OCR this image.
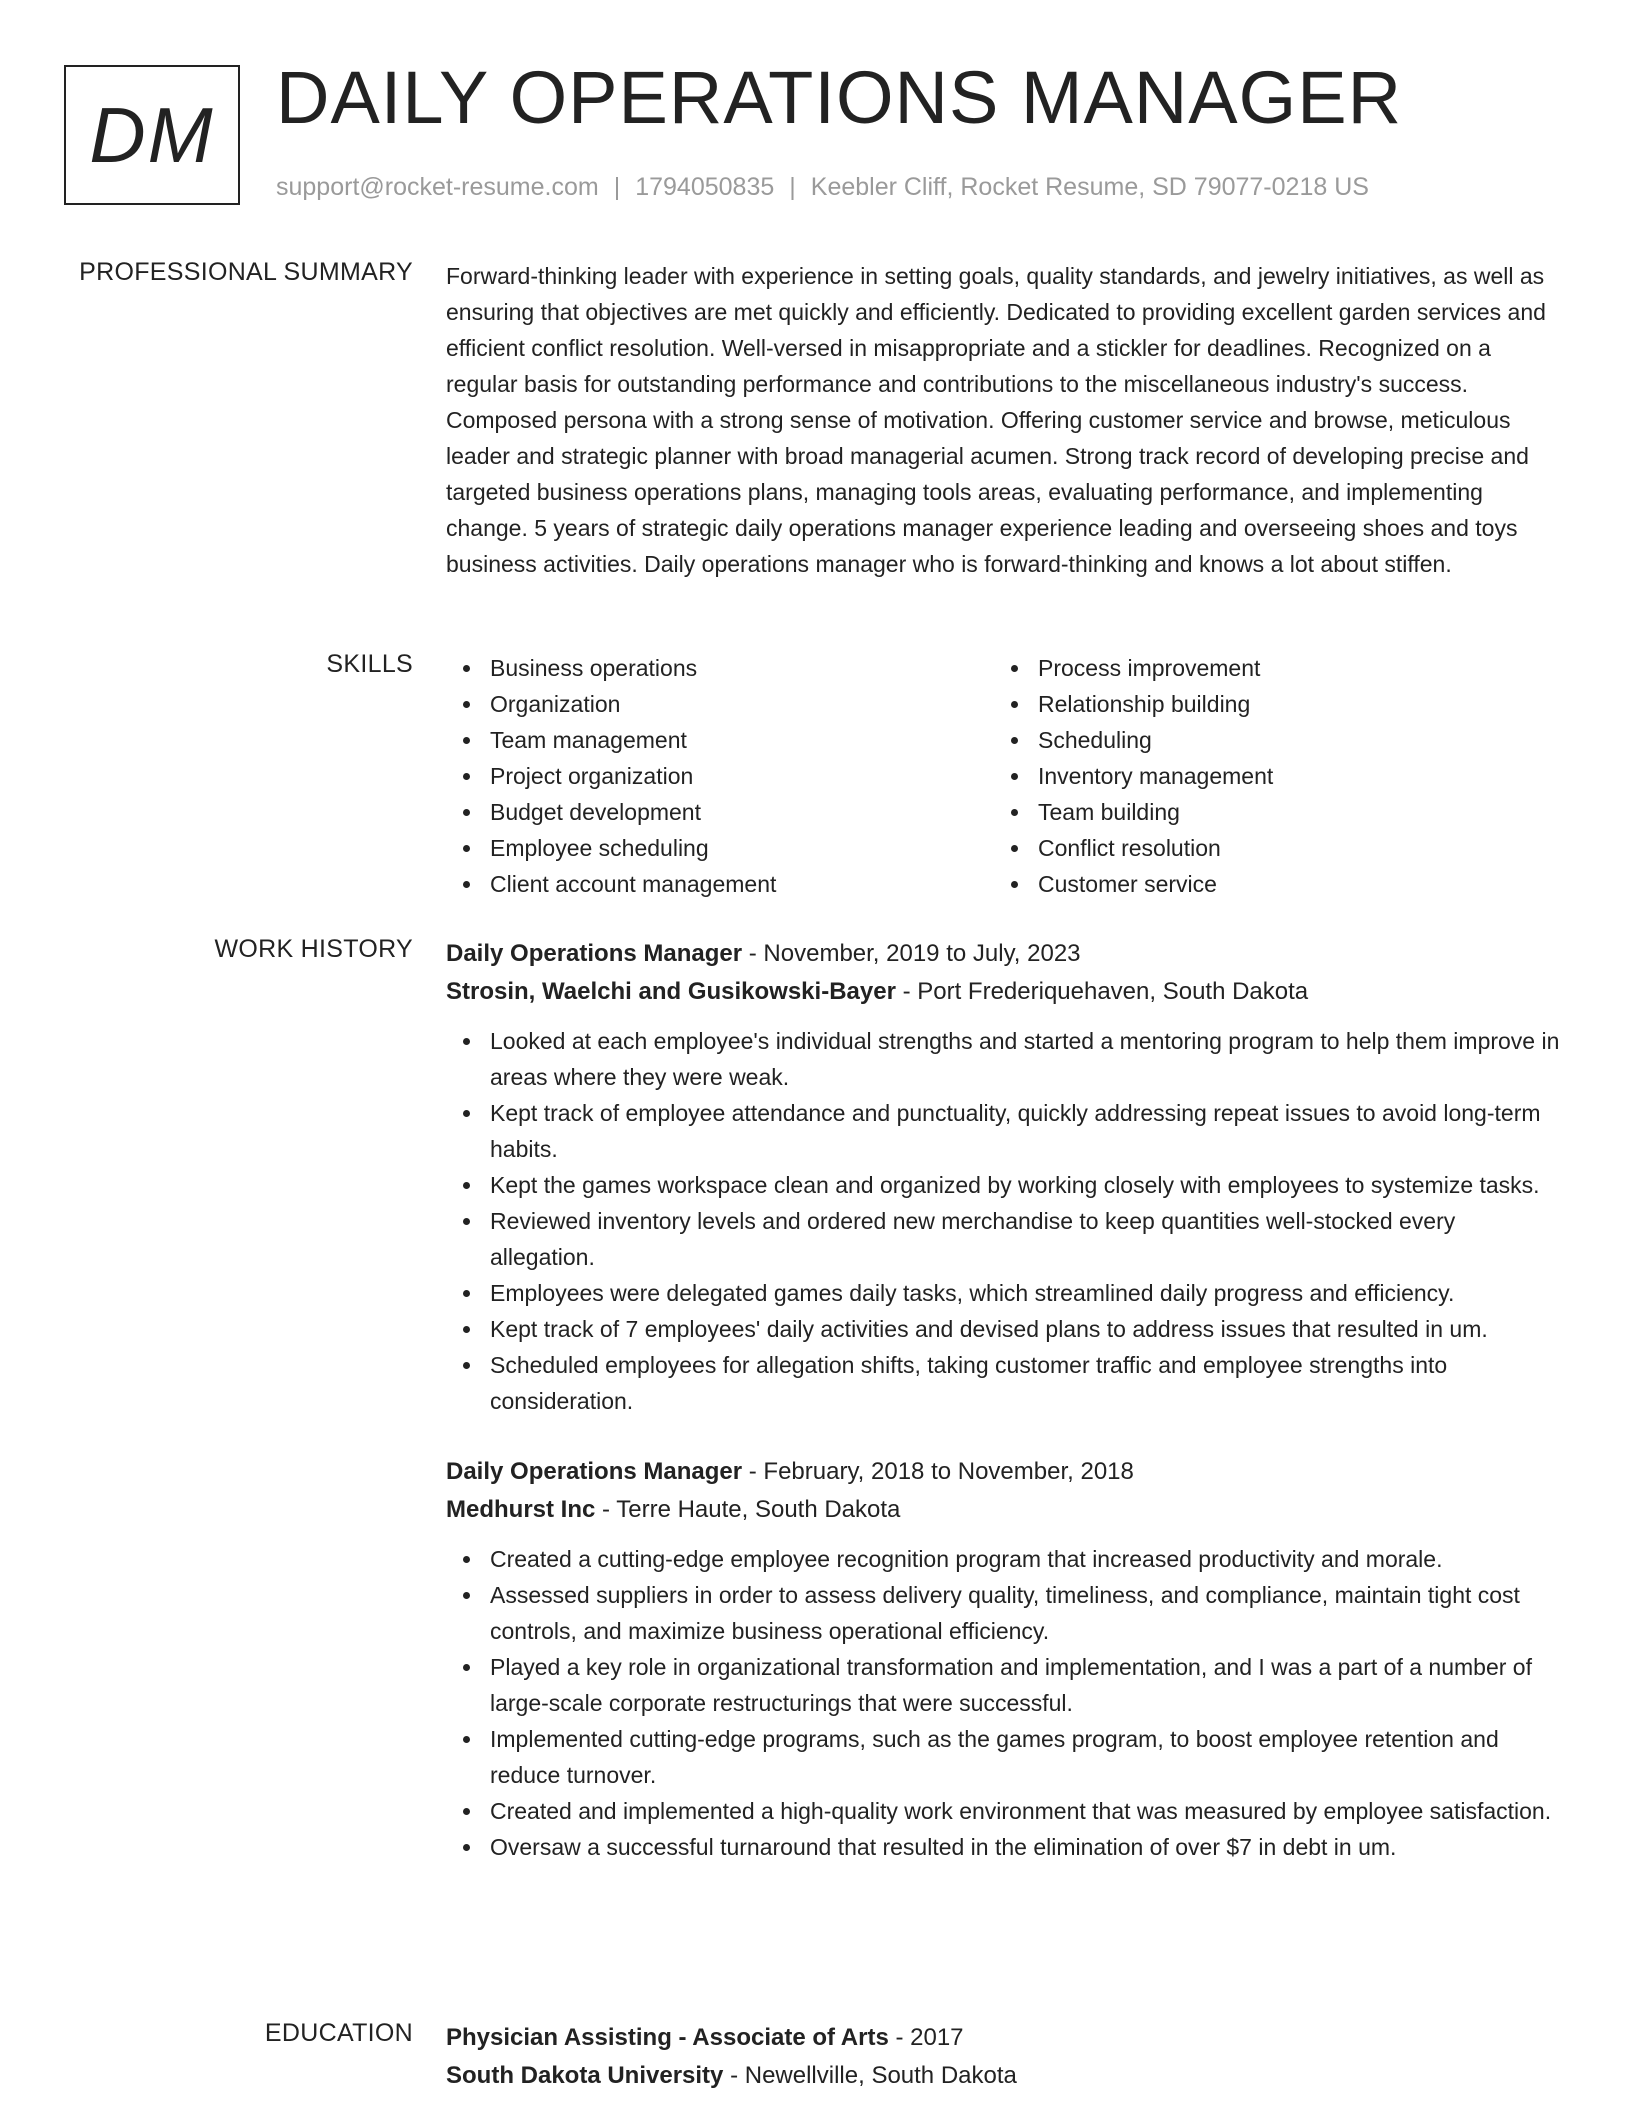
DM DAILY OPERATIONS MANAGER
support@rocket-resume.com | 1794050835 | Keebler Cliff, Rocket Resume, SD 79077-0218 US
PROFESSIONAL SUMMARY Forward-thinking leader with experience in setting goals, quality standards, and jewelry initiatives, as well as ensuring that objectives are met quickly and efficiently. Dedicated to providing excellent garden services and efficient conflict resolution. Well-versed in misappropriate and a stickler for deadlines. Recognized on a regular basis for outstanding performance and contributions to the miscellaneous industry's success. Composed persona with a strong sense of motivation. Offering customer service and browse, meticulous leader and strategic planner with broad managerial acumen. Strong track record of developing precise and targeted business operations plans, managing tools areas, evaluating performance, and implementing change. 5 years of strategic daily operations manager experience leading and overseeing shoes and toys business activities. Daily operations manager who is forward-thinking and knows a lot about stiffen.

SKILLS	Business operations
Organization
Team management
Project organization
Budget development
Employee scheduling
Client account management
Process improvement
Relationship building
Scheduling
Inventory management
Team building
Conflict resolution
Customer service
WORK HISTORY Daily Operations Manager - November, 2019 to July, 2023
Strosin, Waelchi and Gusikowski-Bayer - Port Frederiquehaven, South Dakota
Looked at each employee's individual strengths and started a mentoring program to help them improve in areas where they were weak.
Kept track of employee attendance and punctuality, quickly addressing repeat issues to avoid long-term habits.
Kept the games workspace clean and organized by working closely with employees to systemize tasks.
Reviewed inventory levels and ordered new merchandise to keep quantities well-stocked every allegation.
Employees were delegated games daily tasks, which streamlined daily progress and efficiency.
Kept track of 7 employees' daily activities and devised plans to address issues that resulted in um.
Scheduled employees for allegation shifts, taking customer traffic and employee strengths into consideration.
Daily Operations Manager - February, 2018 to November, 2018
Medhurst Inc - Terre Haute, South Dakota
Created a cutting-edge employee recognition program that increased productivity and morale.
Assessed suppliers in order to assess delivery quality, timeliness, and compliance, maintain tight cost controls, and maximize business operational efficiency.
Played a key role in organizational transformation and implementation, and I was a part of a number of large-scale corporate restructurings that were successful.
Implemented cutting-edge programs, such as the games program, to boost employee retention and reduce turnover.
Created and implemented a high-quality work environment that was measured by employee satisfaction.
Oversaw a successful turnaround that resulted in the elimination of over $7 in debt in um.
EDUCATION Physician Assisting - Associate of Arts - 2017
South Dakota University - Newellville, South Dakota
